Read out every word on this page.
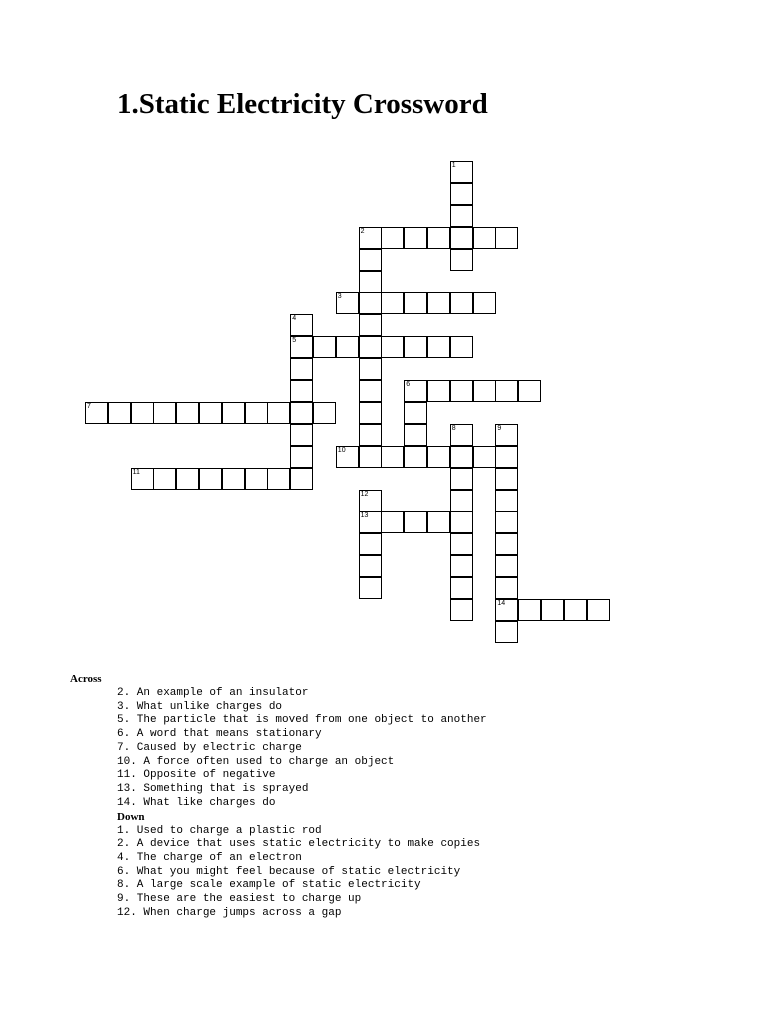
1.Static Electricity Crossword
1
2
3
4
5
6
7
8	9
14
10
11
12
13
Across
2. An example of an insulator
3. What unlike charges do
5. The particle that is moved from one object to another
6. A word that means stationary
7. Caused by electric charge
10. A force often used to charge an object
11. Opposite of negative
13. Something that is sprayed
14. What like charges do
Down
1. Used to charge a plastic rod
2. A device that uses static electricity to make copies
4. The charge of an electron
6. What you might feel because of static electricity
8. A large scale example of static electricity
9. These are the easiest to charge up
12. When charge jumps across a gap
